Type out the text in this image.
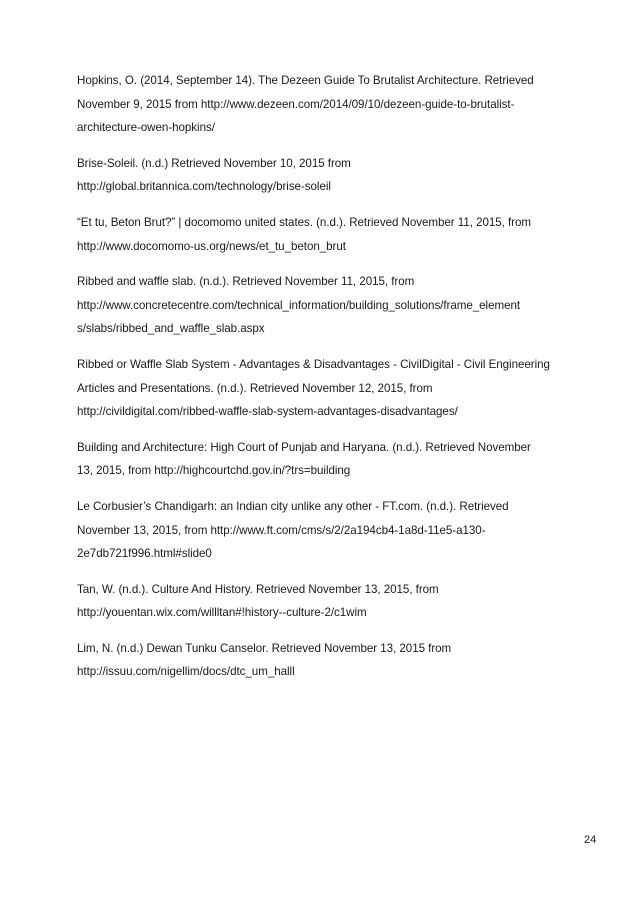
Hopkins, O. (2014, September 14). The Dezeen Guide To Brutalist Architecture. Retrieved
November 9, 2015 from http://www.dezeen.com/2014/09/10/dezeen-guide-to-brutalist-
architecture-owen-hopkins/
Brise-Soleil. (n.d.) Retrieved November 10, 2015 from
http://global.britannica.com/technology/brise-soleil
“Et tu, Beton Brut?” | docomomo united states. (n.d.). Retrieved November 11, 2015, from
http://www.docomomo-us.org/news/et_tu_beton_brut
Ribbed and waffle slab. (n.d.). Retrieved November 11, 2015, from
http://www.concretecentre.com/technical_information/building_solutions/frame_element
s/slabs/ribbed_and_waffle_slab.aspx
Ribbed or Waffle Slab System - Advantages & Disadvantages - CivilDigital - Civil Engineering
Articles and Presentations. (n.d.). Retrieved November 12, 2015, from
http://civildigital.com/ribbed-waffle-slab-system-advantages-disadvantages/
Building and Architecture: High Court of Punjab and Haryana. (n.d.). Retrieved November
13, 2015, from http://highcourtchd.gov.in/?trs=building
Le Corbusier’s Chandigarh: an Indian city unlike any other - FT.com. (n.d.). Retrieved
November 13, 2015, from http://www.ft.com/cms/s/2/2a194cb4-1a8d-11e5-a130-
2e7db721f996.html#slide0
Tan, W. (n.d.). Culture And History. Retrieved November 13, 2015, from
http://youentan.wix.com/willltan#!history--culture-2/c1wim
Lim, N. (n.d.) Dewan Tunku Canselor. Retrieved November 13, 2015 from
http://issuu.com/nigellim/docs/dtc_um_halll
24
